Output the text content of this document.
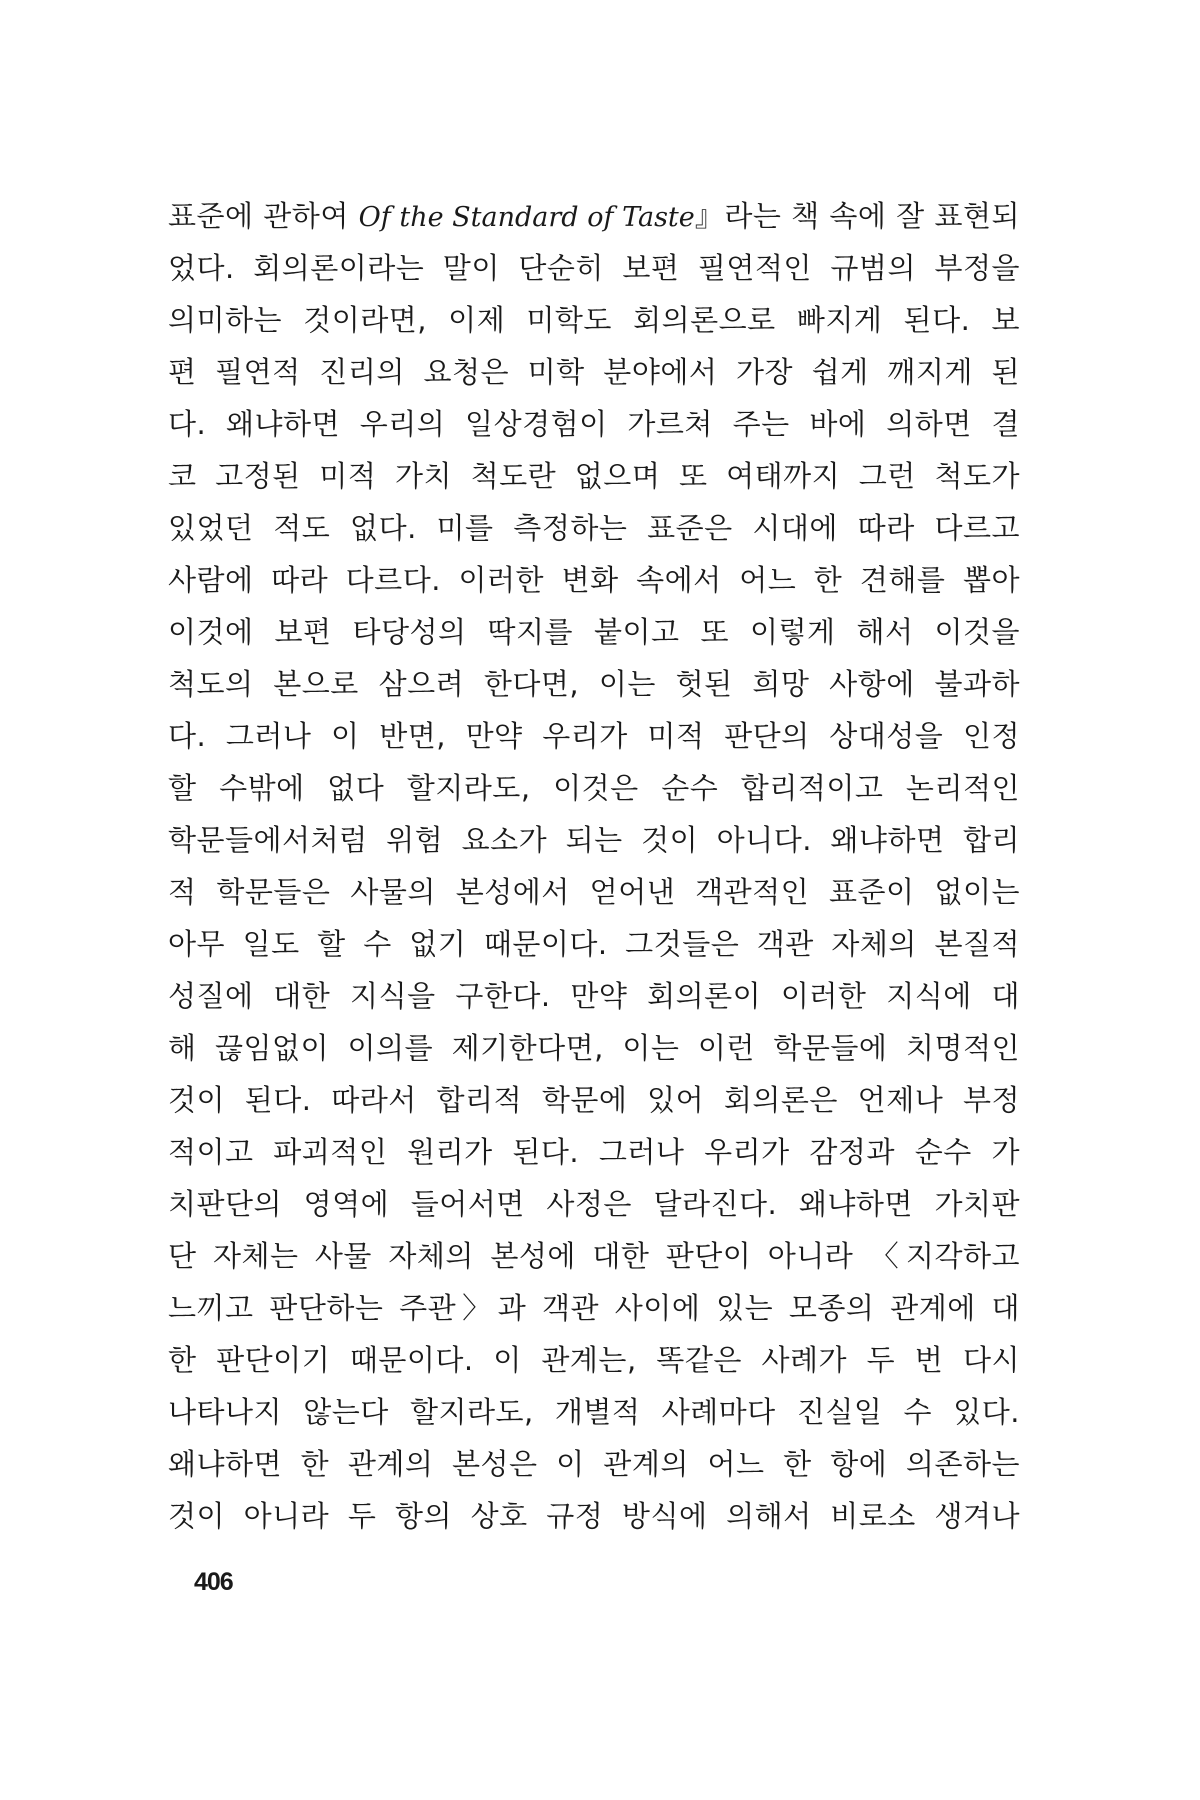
표준에 관하여 Of the Standard of Taste』라는 책 속에 잘 표현되
었다. 회의론이라는 말이 단순히 보편 필연적인 규범의 부정을
의미하는 것이라면, 이제 미학도 회의론으로 빠지게 된다. 보
편 필연적 진리의 요청은 미학 분야에서 가장 쉽게 깨지게 된
다. 왜냐하면 우리의 일상경험이 가르쳐 주는 바에 의하면 결
코 고정된 미적 가치 척도란 없으며 또 여태까지 그런 척도가
있었던 적도 없다. 미를 측정하는 표준은 시대에 따라 다르고
사람에 따라 다르다. 이러한 변화 속에서 어느 한 견해를 뽑아
이것에 보편 타당성의 딱지를 붙이고 또 이렇게 해서 이것을
척도의 본으로 삼으려 한다면, 이는 헛된 희망 사항에 불과하
다. 그러나 이 반면, 만약 우리가 미적 판단의 상대성을 인정
할 수밖에 없다 할지라도, 이것은 순수 합리적이고 논리적인
학문들에서처럼 위험 요소가 되는 것이 아니다. 왜냐하면 합리
적 학문들은 사물의 본성에서 얻어낸 객관적인 표준이 없이는
아무 일도 할 수 없기 때문이다. 그것들은 객관 자체의 본질적
성질에 대한 지식을 구한다. 만약 회의론이 이러한 지식에 대
해 끊임없이 이의를 제기한다면, 이는 이런 학문들에 치명적인
것이 된다. 따라서 합리적 학문에 있어 회의론은 언제나 부정
적이고 파괴적인 원리가 된다. 그러나 우리가 감정과 순수 가
치판단의 영역에 들어서면 사정은 달라진다. 왜냐하면 가치판
단 자체는 사물 자체의 본성에 대한 판단이 아니라 〈지각하고
느끼고 판단하는 주관〉과 객관 사이에 있는 모종의 관계에 대
한 판단이기 때문이다. 이 관계는, 똑같은 사례가 두 번 다시
나타나지 않는다 할지라도, 개별적 사례마다 진실일 수 있다.
왜냐하면 한 관계의 본성은 이 관계의 어느 한 항에 의존하는
것이 아니라 두 항의 상호 규정 방식에 의해서 비로소 생겨나
406
